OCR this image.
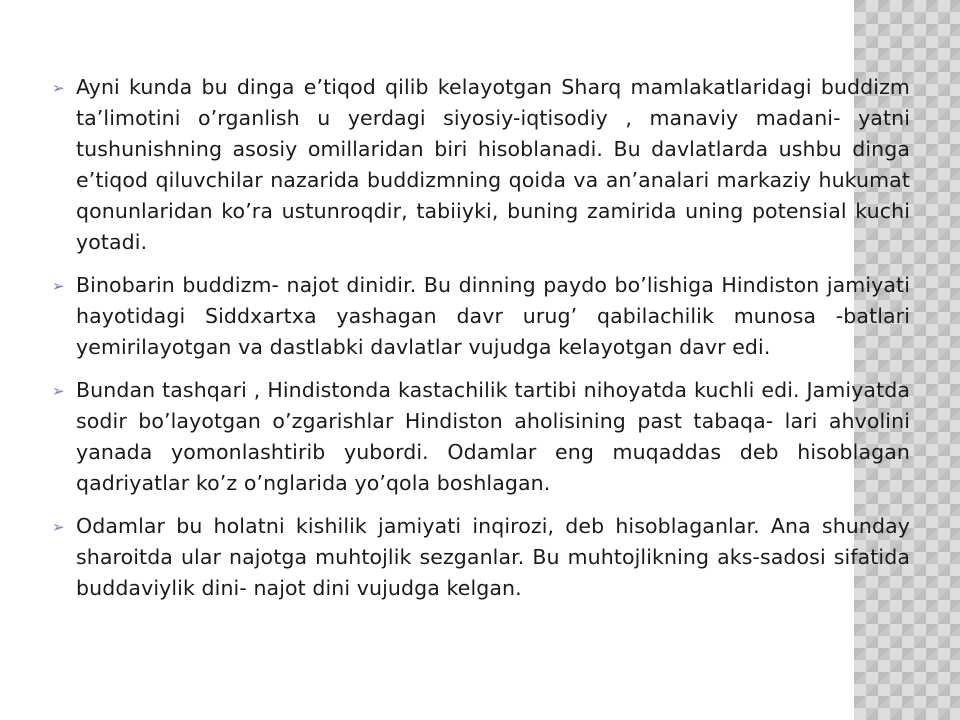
➢ Ayni kunda bu dinga e’tiqod qilib kelayotgan Sharq mamlakatlaridagi buddizm ta’limotini o’rganlish u yerdagi siyosiy-iqtisodiy , manaviy madani- yatni tushunishning asosiy omillaridan biri hisoblanadi. Bu davlatlarda ushbu dinga e’tiqod qiluvchilar nazarida buddizmning qoida va an’analari markaziy hukumat qonunlaridan ko’ra ustunroqdir, tabiiyki, buning zamirida uning potensial kuchi yotadi.
➢ Binobarin buddizm- najot dinidir. Bu dinning paydo bo’lishiga Hindiston jamiyati hayotidagi Siddxartxa yashagan davr urug’ qabilachilik munosa -batlari yemirilayotgan va dastlabki davlatlar vujudga kelayotgan davr edi.
➢ Bundan tashqari , Hindistonda kastachilik tartibi nihoyatda kuchli edi. Jamiyatda sodir bo’layotgan o’zgarishlar Hindiston aholisining past tabaqa- lari ahvolini yanada yomonlashtirib yubordi. Odamlar eng muqaddas deb hisoblagan qadriyatlar ko’z o’nglarida yo’qola boshlagan.
➢ Odamlar bu holatni kishilik jamiyati inqirozi, deb hisoblaganlar. Ana shunday sharoitda ular najotga muhtojlik sezganlar. Bu muhtojlikning aks-sadosi sifatida buddaviylik dini- najot dini vujudga kelgan.
